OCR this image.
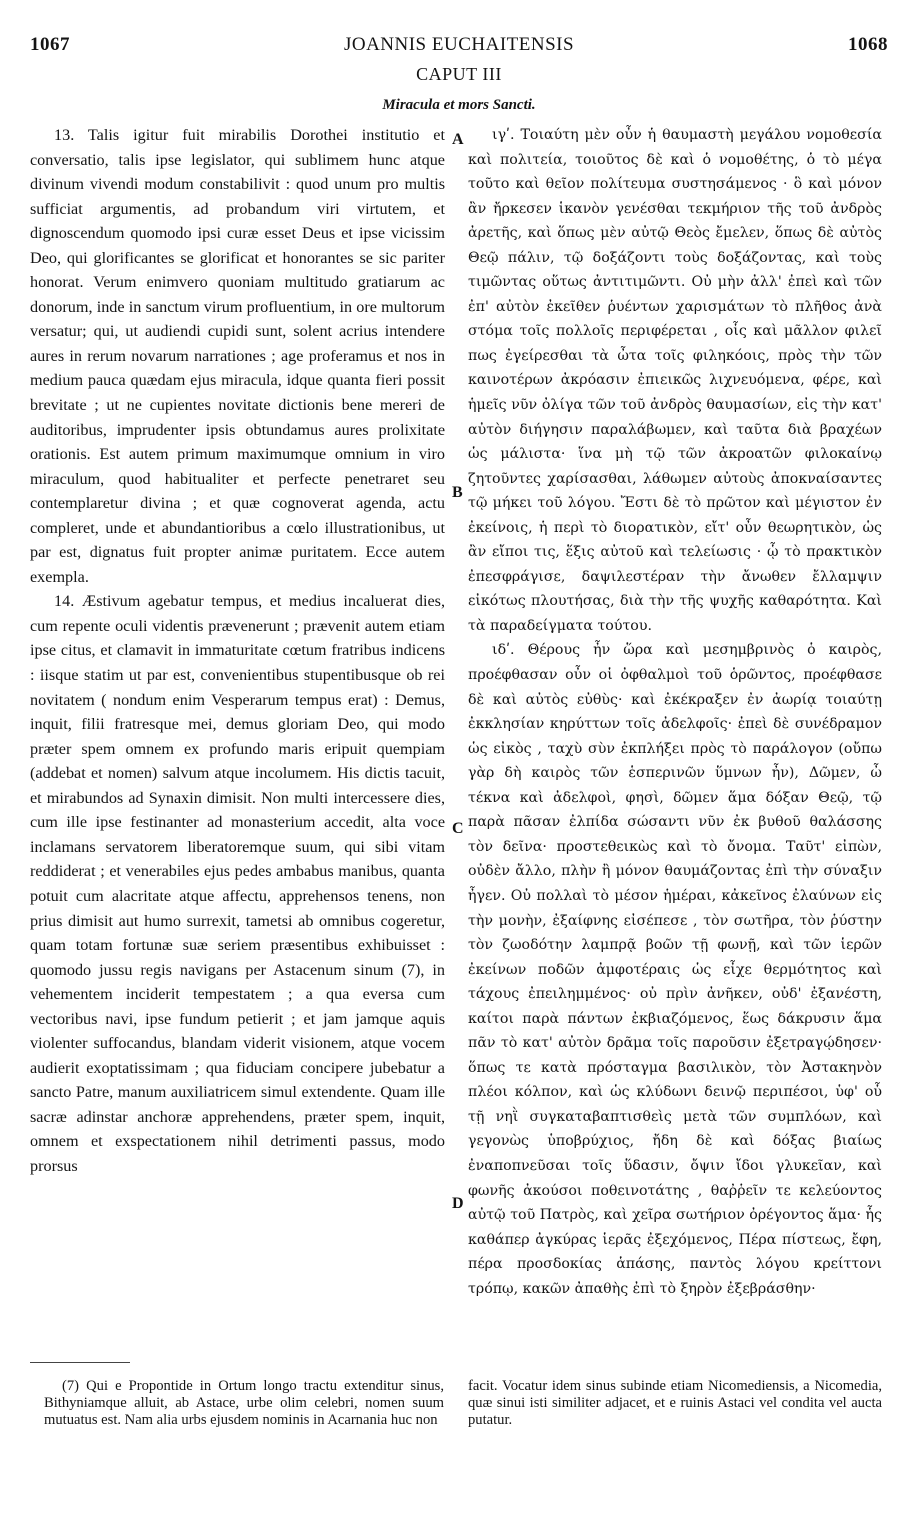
1067	JOANNIS EUCHAITENSIS	1068
CAPUT III
Miracula et mors Sancti.

13. Talis igitur fuit mirabilis Dorothei institutio et conversatio, talis ipse legislator, qui sublimem hunc atque divinum vivendi modum constabilivit : quod unum pro multis sufficiat argumentis, ad probandum viri virtutem, et dignoscendum quomodo ipsi curæ esset Deus et ipse vicissim Deo, qui glorificantes se glorificat et honorantes se sic pariter honorat. Verum enimvero quoniam multitudo gratiarum ac donorum, inde in sanctum virum profluentium, in ore multorum versatur; qui, ut audiendi cupidi sunt, solent acrius intendere aures in rerum novarum narrationes ; age proferamus et nos in medium pauca quædam ejus miracula, idque quanta fieri possit brevitate ; ut ne cupientes novitate dictionis bene mereri de auditoribus, imprudenter ipsis obtundamus aures prolixitate orationis. Est autem primum maximumque omnium in viro miraculum, quod habitualiter et perfecte penetraret seu contemplaretur divina ; et quæ cognoverat agenda, actu compleret, unde et abundantioribus a cœlo illustrationibus, ut par est, dignatus fuit propter animæ puritatem. Ecce autem exempla.

14. Æstivum agebatur tempus, et medius incaluerat dies, cum repente oculi videntis prævenerunt ; prævenit autem etiam ipse citus, et clamavit in immaturitate cœtum fratribus indicens : iisque statim ut par est, convenientibus stupentibusque ob rei novitatem ( nondum enim Vesperarum tempus erat) : Demus, inquit, filii fratresque mei, demus gloriam Deo, qui modo præter spem omnem ex profundo maris eripuit quempiam (addebat et nomen) salvum atque incolumem. His dictis tacuit, et mirabundos ad Synaxin dimisit. Non multi intercessere dies, cum ille ipse festinanter ad monasterium accedit, alta voce inclamans servatorem liberatoremque suum, qui sibi vitam reddiderat ; et venerabiles ejus pedes ambabus manibus, quanta potuit cum alacritate atque affectu, apprehensos tenens, non prius dimisit aut humo surrexit, tametsi ab omnibus cogeretur, quam totam fortunæ suæ seriem præsentibus exhibuisset : quomodo jussu regis navigans per Astacenum sinum (7), in vehementem inciderit tempestatem ; a qua eversa cum vectoribus navi, ipse fundum petierit ; et jam jamque aquis violenter suffocandus, blandam viderit visionem, atque vocem audierit exoptatissimam ; qua fiduciam concipere jubebatur a sancto Patre, manum auxiliatricem simul extendente. Quam ille sacræ adinstar anchoræ apprehendens, præter spem, inquit, omnem et exspectationem nihil detrimenti passus, modo prorsus

ιγʹ. Τοιαύτη μὲν οὖν ἡ θαυμαστὴ μεγάλου νομοθεσία καὶ πολιτεία, τοιοῦτος δὲ καὶ ὁ νομοθέτης, ὁ τὸ μέγα τοῦτο καὶ θεῖον πολίτευμα συστησάμενος · ὃ καὶ μόνον ἂν ἤρκεσεν ἱκανὸν γενέσθαι τεκμήριον τῆς τοῦ ἀνδρὸς ἀρετῆς, καὶ ὅπως μὲν αὐτῷ Θεὸς ἔμελεν, ὅπως δὲ αὐτὸς Θεῷ πάλιν, τῷ δοξάζοντι τοὺς δοξάζοντας, καὶ τοὺς τιμῶντας οὕτως ἀντιτιμῶντι. Οὐ μὴν ἀλλ' ἐπεὶ καὶ τῶν ἐπ' αὐτὸν ἐκεῖθεν ῥυέντων χαρισμάτων τὸ πλῆθος ἀνὰ στόμα τοῖς πολλοῖς περιφέρεται , οἷς καὶ μᾶλλον φιλεῖ πως ἐγείρεσθαι τὰ ὦτα τοῖς φιληκόοις, πρὸς τὴν τῶν καινοτέρων ἀκρόασιν ἐπιεικῶς λιχνευόμενα, φέρε, καὶ ἡμεῖς νῦν ὀλίγα τῶν τοῦ ἀνδρὸς θαυμασίων, εἰς τὴν κατ' αὐτὸν διήγησιν παραλάβωμεν, καὶ ταῦτα διὰ βραχέων ὡς μάλιστα· ἵνα μὴ τῷ τῶν ἀκροατῶν φιλοκαίνῳ ζητοῦντες χαρίσασθαι, λάθωμεν αὐτοὺς ἀποκναίσαντες τῷ μήκει τοῦ λόγου. Ἔστι δὲ τὸ πρῶτον καὶ μέγιστον ἐν ἐκείνοις, ἡ περὶ τὸ διορατικὸν, εἴτ' οὖν θεωρητικὸν, ὡς ἂν εἴποι τις, ἕξις αὐτοῦ καὶ τελείωσις · ᾧ τὸ πρακτικὸν ἐπεσφράγισε, δαψιλεστέραν τὴν ἄνωθεν ἔλλαμψιν εἰκότως πλουτήσας, διὰ τὴν τῆς ψυχῆς καθαρότητα. Καὶ τὰ παραδείγματα τούτου.

ιδʹ. Θέρους ἦν ὥρα καὶ μεσημβρινὸς ὁ καιρὸς, προέφθασαν οὖν οἱ ὀφθαλμοὶ τοῦ ὁρῶντος, προέφθασε δὲ καὶ αὐτὸς εὐθὺς· καὶ ἐκέκραξεν ἐν ἀωρίᾳ τοιαύτῃ ἐκκλησίαν κηρύττων τοῖς ἀδελφοῖς· ἐπεὶ δὲ συνέδραμον ὡς εἰκὸς , ταχὺ σὺν ἐκπλήξει πρὸς τὸ παράλογον (οὔπω γὰρ δὴ καιρὸς τῶν ἑσπερινῶν ὕμνων ἦν), Δῶμεν, ὦ τέκνα καὶ ἀδελφοὶ, φησὶ, δῶμεν ἅμα δόξαν Θεῷ, τῷ παρὰ πᾶσαν ἐλπίδα σώσαντι νῦν ἐκ βυθοῦ θαλάσσης τὸν δεῖνα· προστεθεικὼς καὶ τὸ ὄνομα. Ταῦτ' εἰπὼν, οὐδὲν ἄλλο, πλὴν ἢ μόνον θαυμάζοντας ἐπὶ τὴν σύναξιν ἦγεν. Οὐ πολλαὶ τὸ μέσον ἡμέραι, κἀκεῖνος ἐλαύνων εἰς τὴν μονὴν, ἐξαίφνης εἰσέπεσε , τὸν σωτῆρα, τὸν ῥύστην τὸν ζωοδότην λαμπρᾷ βοῶν τῇ φωνῇ, καὶ τῶν ἱερῶν ἐκείνων ποδῶν ἀμφοτέραις ὡς εἶχε θερμότητος καὶ τάχους ἐπειλημμένος· οὐ πρὶν ἀνῆκεν, οὐδ' ἐξανέστη, καίτοι παρὰ πάντων ἐκβιαζόμενος, ἕως δάκρυσιν ἅμα πᾶν τὸ κατ' αὐτὸν δρᾶμα τοῖς παροῦσιν ἐξετραγῴδησεν· ὅπως τε κατὰ πρόσταγμα βασιλικὸν, τὸν Ἀστακηνὸν πλέοι κόλπον, καὶ ὡς κλύδωνι δεινῷ περιπέσοι, ὑφ' οὗ τῇ νηῒ συγκαταβαπτισθεὶς μετὰ τῶν συμπλόων, καὶ γεγονὼς ὑποβρύχιος, ἤδη δὲ καὶ δόξας βιαίως ἐναποπνεῦσαι τοῖς ὕδασιν, ὄψιν ἴδοι γλυκεῖαν, καὶ φωνῆς ἀκούσοι ποθεινοτάτης , θαῤῥεῖν τε κελεύοντος αὐτῷ τοῦ Πατρὸς, καὶ χεῖρα σωτήριον ὀρέγοντος ἅμα· ἧς καθάπερ ἀγκύρας ἱερᾶς ἐξεχόμενος, Πέρα πίστεως, ἔφη, πέρα προσδοκίας ἁπάσης, παντὸς λόγου κρείττονι τρόπῳ, κακῶν ἀπαθὴς ἐπὶ τὸ ξηρὸν ἐξεβράσθην·

A
B
C
D
(7) Qui e Propontide in Ortum longo tractu extenditur sinus, Bithyniamque alluit, ab Astace, urbe olim celebri, nomen suum mutuatus est. Nam alia urbs ejusdem nominis in Acarnania huc non
facit. Vocatur idem sinus subinde etiam Nicomediensis, a Nicomedia, quæ sinui isti similiter adjacet, et e ruinis Astaci vel condita vel aucta putatur.
